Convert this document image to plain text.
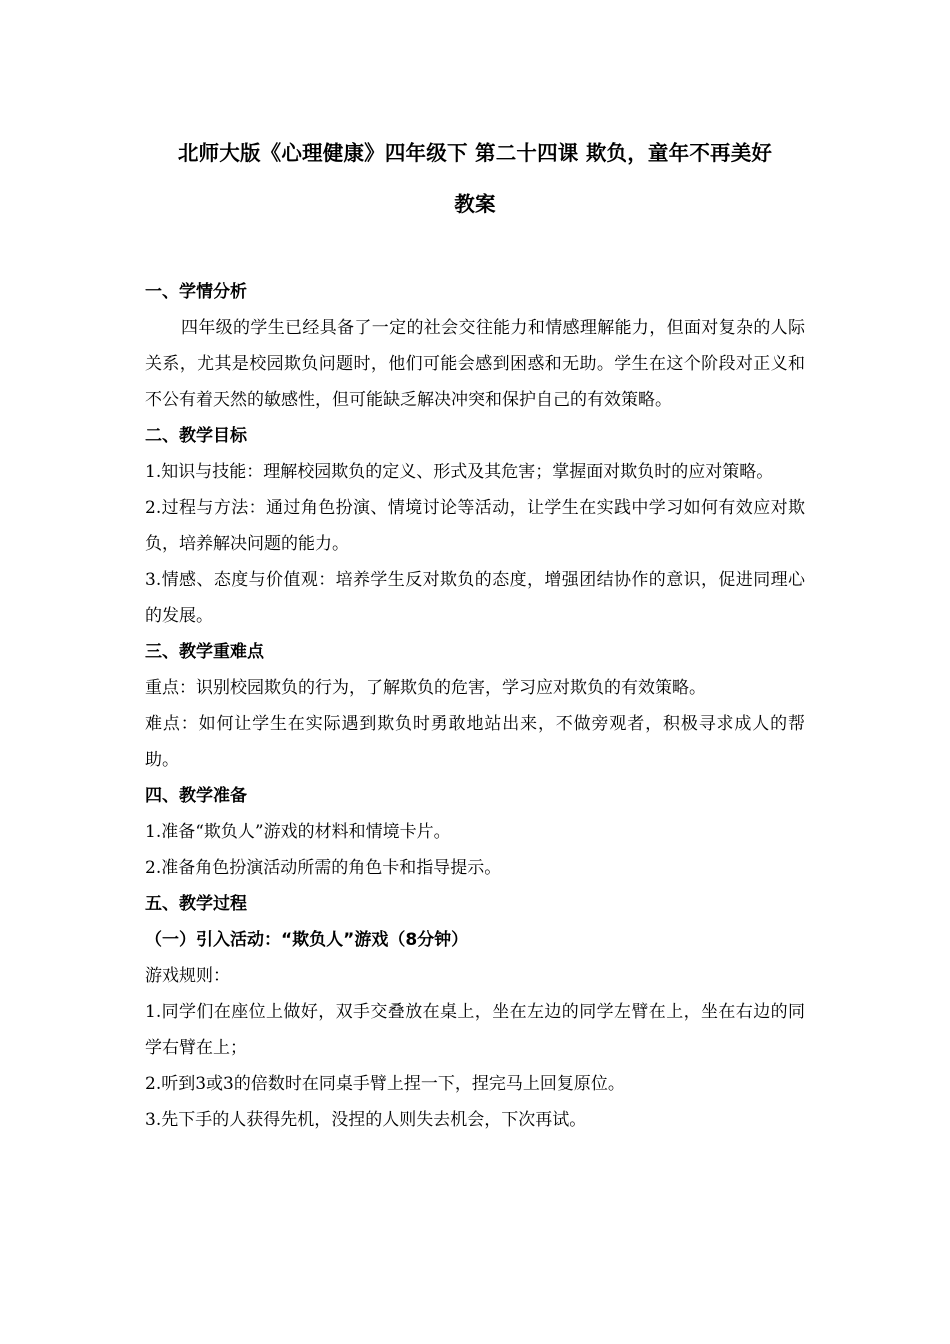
北师大版《心理健康》四年级下 第二十四课 欺负，童年不再美好
教案
一、学情分析

四年级的学生已经具备了一定的社会交往能力和情感理解能力，但面对复杂的人际关系，尤其是校园欺负问题时，他们可能会感到困惑和无助。学生在这个阶段对正义和不公有着天然的敏感性，但可能缺乏解决冲突和保护自己的有效策略。

二、教学目标

1.知识与技能：理解校园欺负的定义、形式及其危害；掌握面对欺负时的应对策略。

2.过程与方法：通过角色扮演、情境讨论等活动，让学生在实践中学习如何有效应对欺负，培养解决问题的能力。

3.情感、态度与价值观：培养学生反对欺负的态度，增强团结协作的意识，促进同理心的发展。

三、教学重难点

重点：识别校园欺负的行为，了解欺负的危害，学习应对欺负的有效策略。

难点：如何让学生在实际遇到欺负时勇敢地站出来，不做旁观者，积极寻求成人的帮助。

四、教学准备

1.准备“欺负人”游戏的材料和情境卡片。

2.准备角色扮演活动所需的角色卡和指导提示。

五、教学过程
（一）引入活动：“欺负人”游戏（8分钟）

游戏规则：

1.同学们在座位上做好，双手交叠放在桌上，坐在左边的同学左臂在上，坐在右边的同学右臂在上；

2.听到3或3的倍数时在同桌手臂上捏一下，捏完马上回复原位。

3.先下手的人获得先机，没捏的人则失去机会，下次再试。
